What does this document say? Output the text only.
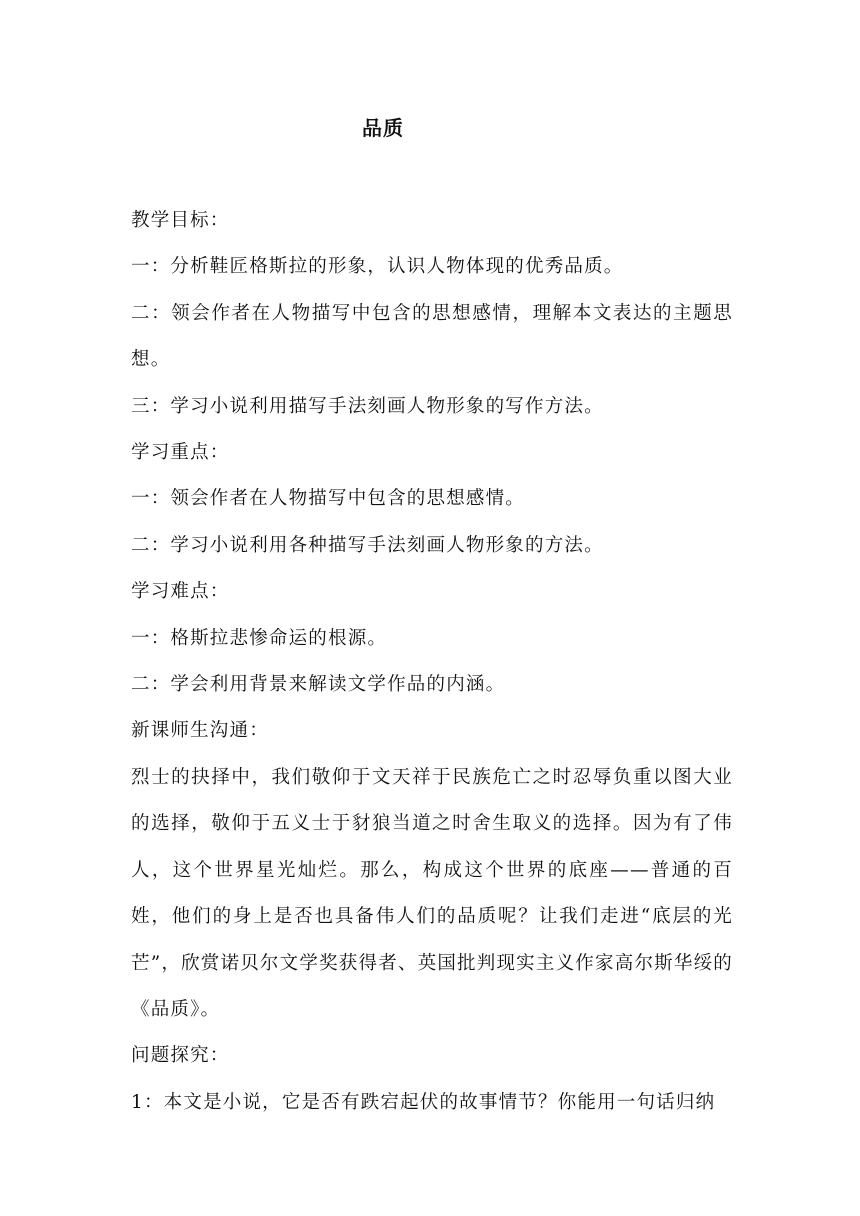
品质

教学目标：

一：分析鞋匠格斯拉的形象，认识人物体现的优秀品质。

二：领会作者在人物描写中包含的思想感情，理解本文表达的主题思想。

三：学习小说利用描写手法刻画人物形象的写作方法。

学习重点：

一：领会作者在人物描写中包含的思想感情。

二：学习小说利用各种描写手法刻画人物形象的方法。

学习难点：

一：格斯拉悲惨命运的根源。

二：学会利用背景来解读文学作品的内涵。

新课师生沟通：

烈士的抉择中，我们敬仰于文天祥于民族危亡之时忍辱负重以图大业的选择，敬仰于五义士于豺狼当道之时舍生取义的选择。因为有了伟人，这个世界星光灿烂。那么，构成这个世界的底座——普通的百姓，他们的身上是否也具备伟人们的品质呢？让我们走进“底层的光芒”，欣赏诺贝尔文学奖获得者、英国批判现实主义作家高尔斯华绥的《品质》。

问题探究：

1：本文是小说，它是否有跌宕起伏的故事情节？你能用一句话归纳
